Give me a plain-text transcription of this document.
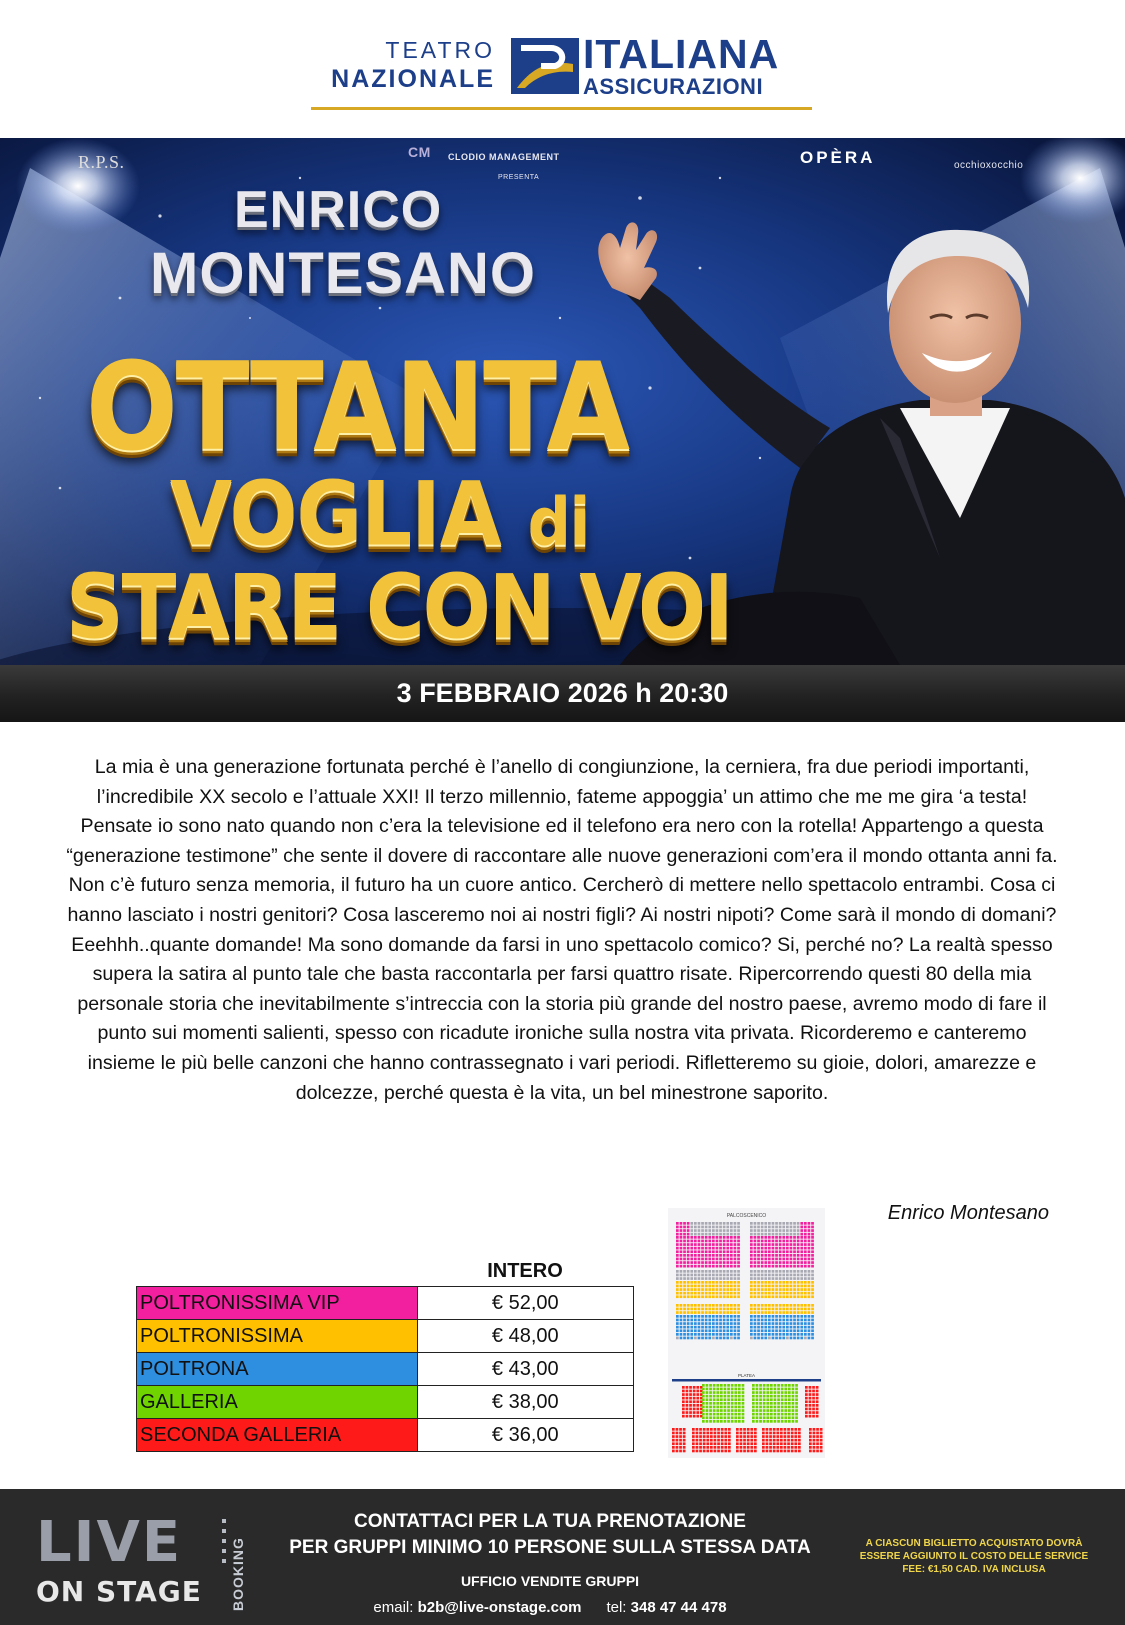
TEATRO
NAZIONALE
ITALIANA
ASSICURAZIONI
R.P.S.	CM CLODIO MANAGEMENT
PRESENTA
OPÈRA	occhioxocchio
ENRICO
MONTESANO
OTTANTA
VOGLIA di
STARE CON VOI
3 FEBBRAIO 2026 h 20:30

La mia è una generazione fortunata perché è l’anello di congiunzione, la cerniera, fra due periodi importanti, l’incredibile XX secolo e l’attuale XXI! Il terzo millennio, fateme appoggia’ un attimo che me me gira ‘a testa! Pensate io sono nato quando non c’era la televisione ed il telefono era nero con la rotella! Appartengo a questa “generazione testimone” che sente il dovere di raccontare alle nuove generazioni com’era il mondo ottanta anni fa. Non c’è futuro senza memoria, il futuro ha un cuore antico. Cercherò di mettere nello spettacolo entrambi. Cosa ci hanno lasciato i nostri genitori? Cosa lasceremo noi ai nostri figli? Ai nostri nipoti? Come sarà il mondo di domani? Eeehhh..quante domande! Ma sono domande da farsi in uno spettacolo comico? Si, perché no? La realtà spesso supera la satira al punto tale che basta raccontarla per farsi quattro risate. Ripercorrendo questi 80 della mia personale storia che inevitabilmente s’intreccia con la storia più grande del nostro paese, avremo modo di fare il punto sui momenti salienti, spesso con ricadute ironiche sulla nostra vita privata. Ricorderemo e canteremo insieme le più belle canzoni che hanno contrassegnato i vari periodi. Rifletteremo su gioie, dolori, amarezze e dolcezze, perché questa è la vita, un bel minestrone saporito.

Enrico Montesano
INTERO
POLTRONISSIMA VIP	€ 52,00
POLTRONISSIMA	€ 48,00
POLTRONA	€ 43,00
GALLERIA	€ 38,00
SECONDA GALLERIA	€ 36,00
PALCOSCENICO
PLATEA
LIVE
ON STAGE BOOKING
CONTATTACI PER LA TUA PRENOTAZIONE
PER GRUPPI MINIMO 10 PERSONE SULLA STESSA DATA
UFFICIO VENDITE GRUPPI
email: b2b@live-onstage.com tel: 348 47 44 478
A CIASCUN BIGLIETTO ACQUISTATO DOVRÀ ESSERE AGGIUNTO IL COSTO DELLE SERVICE FEE: €1,50 CAD. IVA INCLUSA
